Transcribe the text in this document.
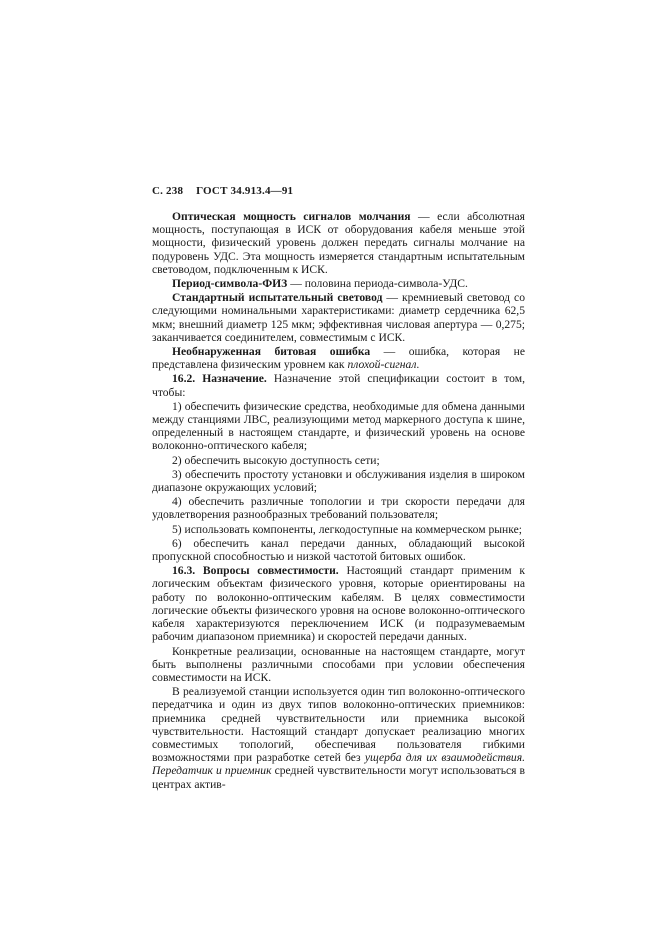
С. 238 ГОСТ 34.913.4—91

Оптическая мощность сигналов молчания — если абсолютная мощность, поступающая в ИСК от оборудования кабеля меньше этой мощности, физический уровень должен передать сигналы молчание на подуровень УДС. Эта мощность измеряется стандартным испытательным световодом, подключенным к ИСК.

Период-символа-ФИЗ — половина периода-символа-УДС.

Стандартный испытательный световод — кремниевый световод со следующими номинальными характеристиками: диаметр сердечника 62,5 мкм; внешний диаметр 125 мкм; эффективная числовая апертура — 0,275; заканчивается соединителем, совместимым с ИСК.

Необнаруженная битовая ошибка — ошибка, которая не представлена физическим уровнем как плохой-сигнал.

16.2. Назначение. Назначение этой спецификации состоит в том, чтобы:

1) обеспечить физические средства, необходимые для обмена данными между станциями ЛВС, реализующими метод маркерного доступа к шине, определенный в настоящем стандарте, и физический уровень на основе волоконно-оптического кабеля;

2) обеспечить высокую доступность сети;

3) обеспечить простоту установки и обслуживания изделия в широком диапазоне окружающих условий;

4) обеспечить различные топологии и три скорости передачи для удовлетворения разнообразных требований пользователя;

5) использовать компоненты, легкодоступные на коммерческом рынке;

6) обеспечить канал передачи данных, обладающий высокой пропускной способностью и низкой частотой битовых ошибок.

16.3. Вопросы совместимости. Настоящий стандарт применим к логическим объектам физического уровня, которые ориентированы на работу по волоконно-оптическим кабелям. В целях совместимости логические объекты физического уровня на основе волоконно-оптического кабеля характеризуются переключением ИСК (и подразумеваемым рабочим диапазоном приемника) и скоростей передачи данных.

Конкретные реализации, основанные на настоящем стандарте, могут быть выполнены различными способами при условии обеспечения совместимости на ИСК.

В реализуемой станции используется один тип волоконно-оптического передатчика и один из двух типов волоконно-оптических приемников: приемника средней чувствительности или приемника высокой чувствительности. Настоящий стандарт допускает реализацию многих совместимых топологий, обеспечивая пользователя гибкими возможностями при разработке сетей без ущерба для их взаимодействия. Передатчик и приемник средней чувствительности могут использоваться в центрах актив-
